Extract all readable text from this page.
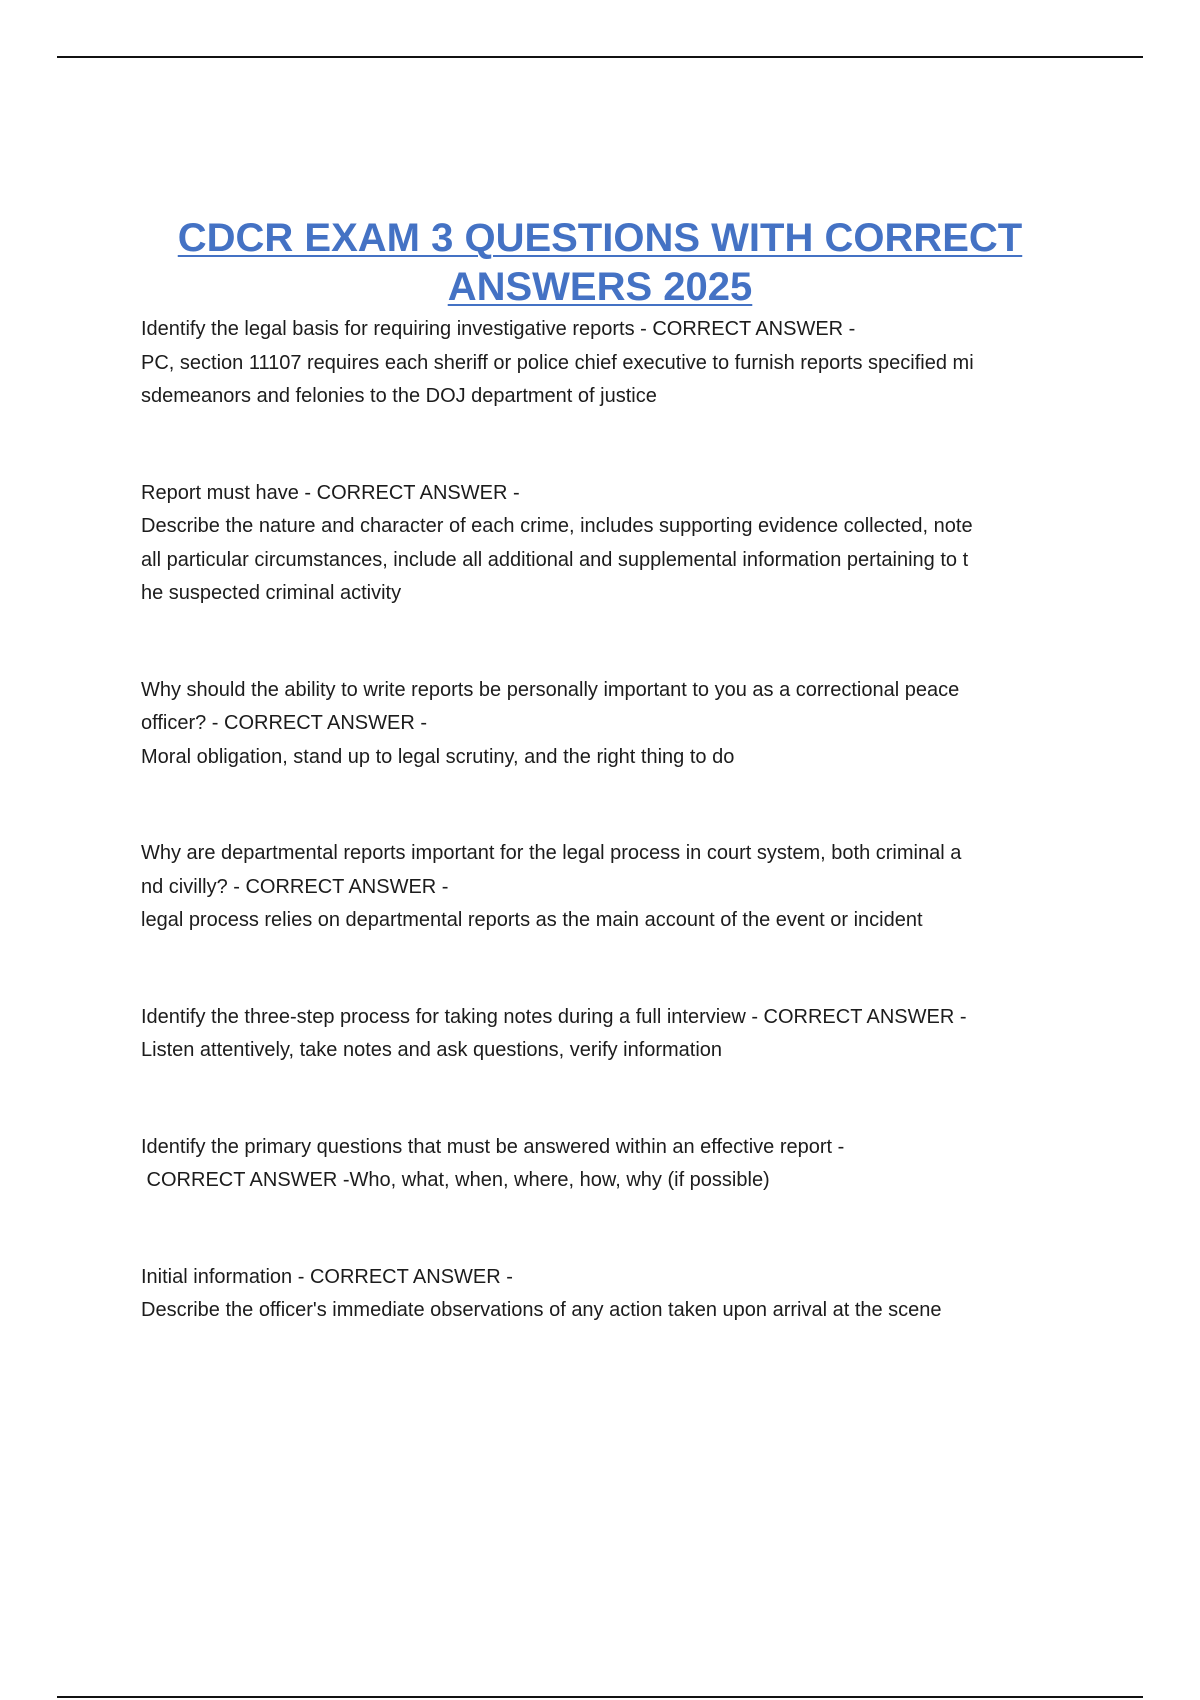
CDCR EXAM 3 QUESTIONS WITH CORRECT
ANSWERS 2025
Identify the legal basis for requiring investigative reports - CORRECT ANSWER -
PC, section 11107 requires each sheriff or police chief executive to furnish reports specified mi
sdemeanors and felonies to the DOJ department of justice
Report must have - CORRECT ANSWER -
Describe the nature and character of each crime, includes supporting evidence collected, note
all particular circumstances, include all additional and supplemental information pertaining to t
he suspected criminal activity
Why should the ability to write reports be personally important to you as a correctional peace
officer? - CORRECT ANSWER -
Moral obligation, stand up to legal scrutiny, and the right thing to do
Why are departmental reports important for the legal process in court system, both criminal a
nd civilly? - CORRECT ANSWER -
legal process relies on departmental reports as the main account of the event or incident
Identify the three-step process for taking notes during a full interview - CORRECT ANSWER -
Listen attentively, take notes and ask questions, verify information
Identify the primary questions that must be answered within an effective report -
CORRECT ANSWER -Who, what, when, where, how, why (if possible)
Initial information - CORRECT ANSWER -
Describe the officer's immediate observations of any action taken upon arrival at the scene
